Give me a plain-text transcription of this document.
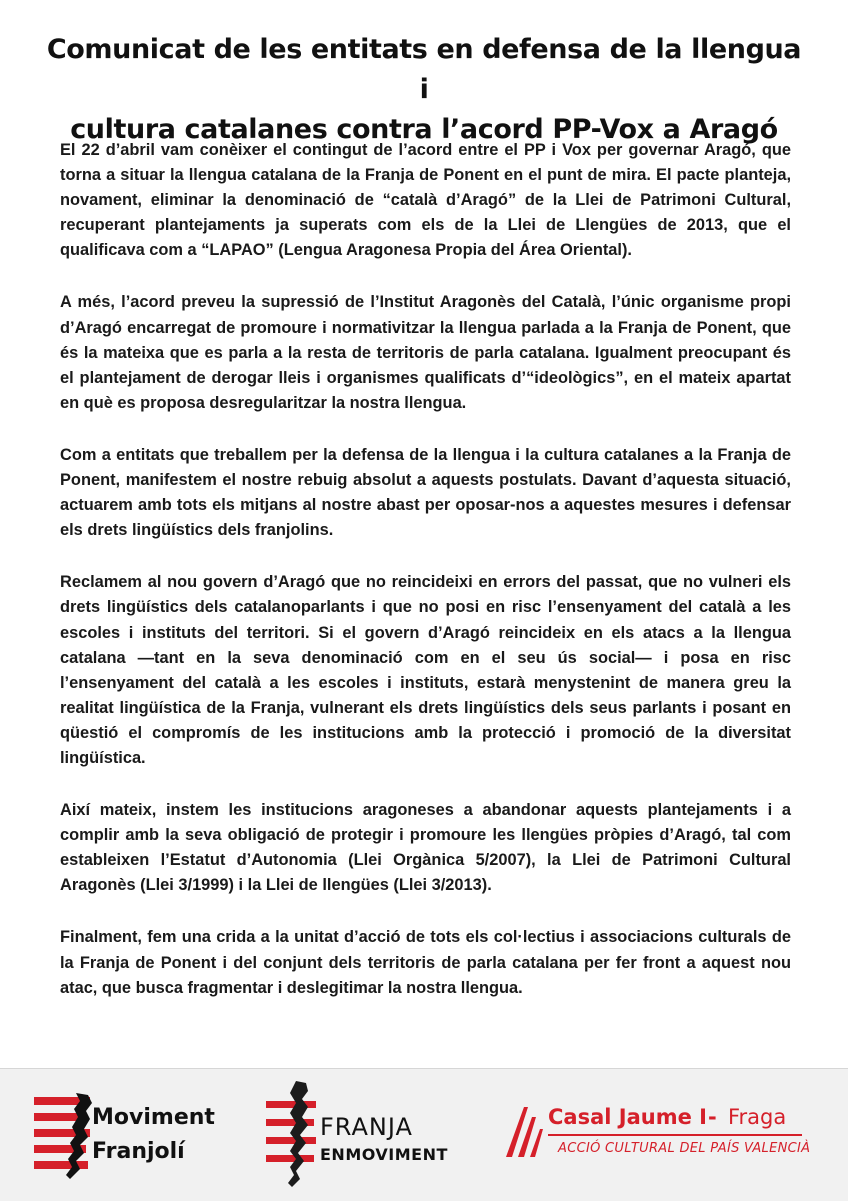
Comunicat de les entitats en defensa de la llengua i
cultura catalanes contra l’acord PP-Vox a Aragó

El 22 d’abril vam conèixer el contingut de l’acord entre el PP i Vox per governar Aragó, que torna a situar la llengua catalana de la Franja de Ponent en el punt de mira. El pacte planteja, novament, eliminar la denominació de “català d’Aragó” de la Llei de Patrimoni Cultural, recuperant plantejaments ja superats com els de la Llei de Llengües de 2013, que el qualificava com a “LAPAO” (Lengua Aragonesa Propia del Área Oriental).

A més, l’acord preveu la supressió de l’Institut Aragonès del Català, l’únic organisme propi d’Aragó encarregat de promoure i normativitzar la llengua parlada a la Franja de Ponent, que és la mateixa que es parla a la resta de territoris de parla catalana. Igualment preocupant és el plantejament de derogar lleis i organismes qualificats d’“ideològics”, en el mateix apartat en què es proposa desregularitzar la nostra llengua.

Com a entitats que treballem per la defensa de la llengua i la cultura catalanes a la Franja de Ponent, manifestem el nostre rebuig absolut a aquests postulats. Davant d’aquesta situació, actuarem amb tots els mitjans al nostre abast per oposar-nos a aquestes mesures i defensar els drets lingüístics dels franjolins.

Reclamem al nou govern d’Aragó que no reincideixi en errors del passat, que no vulneri els drets lingüístics dels catalanoparlants i que no posi en risc l’ensenyament del català a les escoles i instituts del territori. Si el govern d’Aragó reincideix en els atacs a la llengua catalana —tant en la seva denominació com en el seu ús social— i posa en risc l’ensenyament del català a les escoles i instituts, estarà menystenint de manera greu la realitat lingüística de la Franja, vulnerant els drets lingüístics dels seus parlants i posant en qüestió el compromís de les institucions amb la protecció i promoció de la diversitat lingüística.

Així mateix, instem les institucions aragoneses a abandonar aquests plantejaments i a complir amb la seva obligació de protegir i promoure les llengües pròpies d’Aragó, tal com estableixen l’Estatut d’Autonomia (Llei Orgànica 5/2007), la Llei de Patrimoni Cultural Aragonès (Llei 3/1999) i la Llei de llengües (Llei 3/2013).

Finalment, fem una crida a la unitat d’acció de tots els col·lectius i associacions culturals de la Franja de Ponent i del conjunt dels territoris de parla catalana per fer front a aquest nou atac, que busca fragmentar i deslegitimar la nostra llengua.

Moviment
Franjolí
FRANJA
ENMOVIMENT
Casal Jaume I - Fraga
ACCIÓ CULTURAL DEL PAÍS VALENCIÀ
